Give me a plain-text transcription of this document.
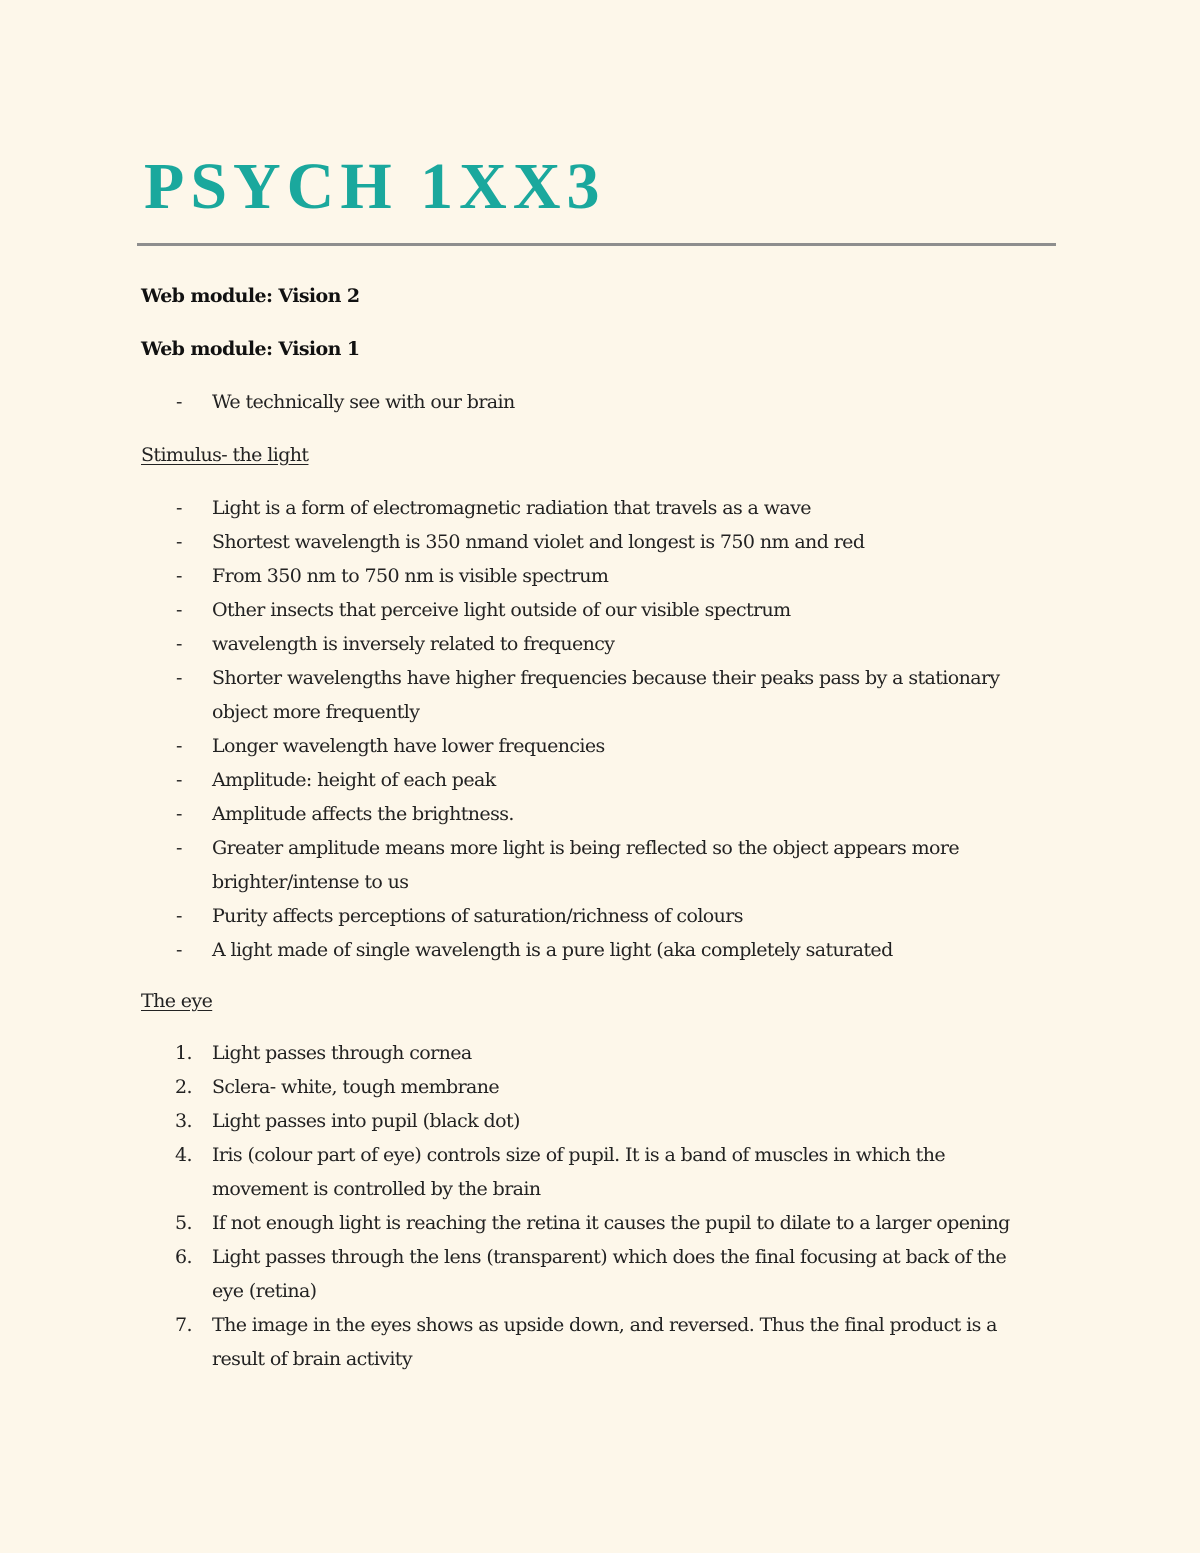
PSYCH 1XX3

Web module: Vision 2

Web module: Vision 1

-	We technically see with our brain

Stimulus- the light

-	Light is a form of electromagnetic radiation that travels as a wave
-	Shortest wavelength is 350 nmand violet and longest is 750 nm and red
-	From 350 nm to 750 nm is visible spectrum
-	Other insects that perceive light outside of our visible spectrum
-	wavelength is inversely related to frequency
-	Shorter wavelengths have higher frequencies because their peaks pass by a stationary
object more frequently
-	Longer wavelength have lower frequencies
-	Amplitude: height of each peak
-	Amplitude affects the brightness.
-	Greater amplitude means more light is being reflected so the object appears more
brighter/intense to us
-	Purity affects perceptions of saturation/richness of colours
-	A light made of single wavelength is a pure light (aka completely saturated

The eye

1. Light passes through cornea
2. Sclera- white, tough membrane
3. Light passes into pupil (black dot)
4. Iris (colour part of eye) controls size of pupil. It is a band of muscles in which the
movement is controlled by the brain
5. If not enough light is reaching the retina it causes the pupil to dilate to a larger opening
6. Light passes through the lens (transparent) which does the final focusing at back of the
eye (retina)
7. The image in the eyes shows as upside down, and reversed. Thus the final product is a
result of brain activity
